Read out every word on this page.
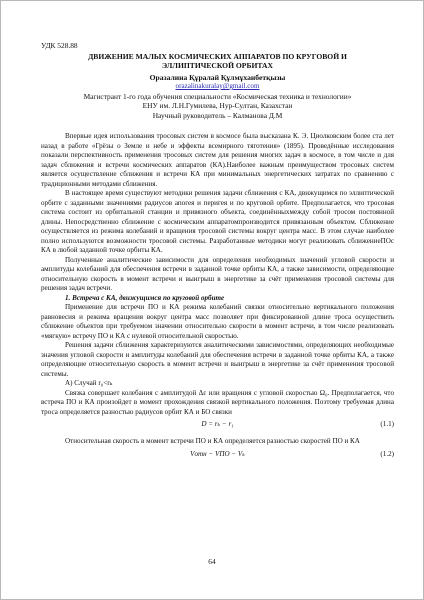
УДК 528.88
ДВИЖЕНИЕ МАЛЫХ КОСМИЧЕСКИХ АППАРАТОВ ПО КРУГОВОЙ И
ЭЛЛИПТИЧЕСКОЙ ОРБИТАХ
Оразалина Құралай Құлмұханбетқызы
orazalinakuralay@gmail.com
Магистрант 1-го года обучения специальности «Космическая техника и технологии»
ЕНУ им. Л.Н.Гумилева, Нур-Султан, Казахстан
Научный руководитель – Калманова Д.М

Впервые идея использования тросовых систем в космосе была высказана К. Э. Циолковским более ста лет назад в работе «Грёзы о Земле и небе и эффекты всемирного тяготения» (1895). Проведённые исследования показали перспективность применения тросовых систем для решения многих задач в космосе, в том числе и для задач сближения и встречи космических аппаратов (КА).Наиболее важным преимуществом тросовых систем является осуществление сближения и встречи КА при минимальных энергетических затратах по сравнению с традиционными методами сближения.

В настоящее время существуют методики решения задачи сближения с КА, движущимся по эллиптической орбите с заданными значениями радиусов апогея и перигея и по круговой орбите. Предполагается, что тросовая система состоит из орбитальной станции и привязного объекта, соединённыхмежду собой тросом постоянной длины. Непосредственно сближение с космическим аппаратомпроизводится привязанным объектом. Сближение осуществляется из режима колебаний и вращения тросовой системы вокруг центра масс. В этом случае наиболее полно используются возможности тросовой системы. Разработанные методики могут реализовать сближениеПОс КА в любой заданной точке орбиты КА.

Полученные аналитические зависимости для определения необходимых значений угловой скорости и амплитуды колебаний для обеспечения встречи в заданной точке орбиты КА, а также зависимости, определяющие относительную скорость в момент встречи и выигрыш в энергетике за счёт применения тросовой системы для решения задач встречи.

1. Встреча с КА, движущимся по круговой орбите

Применение для встречи ПО и КА режима колебаний связки относительно вертикального положения равновесия и режима вращения вокруг центра масс позволяет при фиксированной длине троса осуществить сближение объектов при требуемом значении относительно скорости в момент встречи, в том числе реализовать «мягкую» встречу ПО и КА с нулевой относительной скоростью.

Решения задачи сближения характеризуются аналитическими зависимостями, определяющих необходимые значения угловой скорости и амплитуды колебаний для обеспечения встречи в заданной точке орбиты КА, а также определяющие относительную скорость в момент встречи и выигрыш в энергетике за счёт применения тросовой системы.

А) Случай r₀<rₖ

Связка совершает колебания с амплитудой Δε или вращения с угловой скоростью Ω₀. Предполагается, что встреча ПО и КА произойдет в момент прохождения связкой вертикального положения. Поэтому требуемая длина троса определяется разностью радиусов орбит КА и БО связки

D = rₖ − r₁	(1.1)

Относительная скорость в момент встречи ПО и КА определяется разностью скоростей ПО и КА

Vотн − VПО − Vₖ	(1.2)
64
